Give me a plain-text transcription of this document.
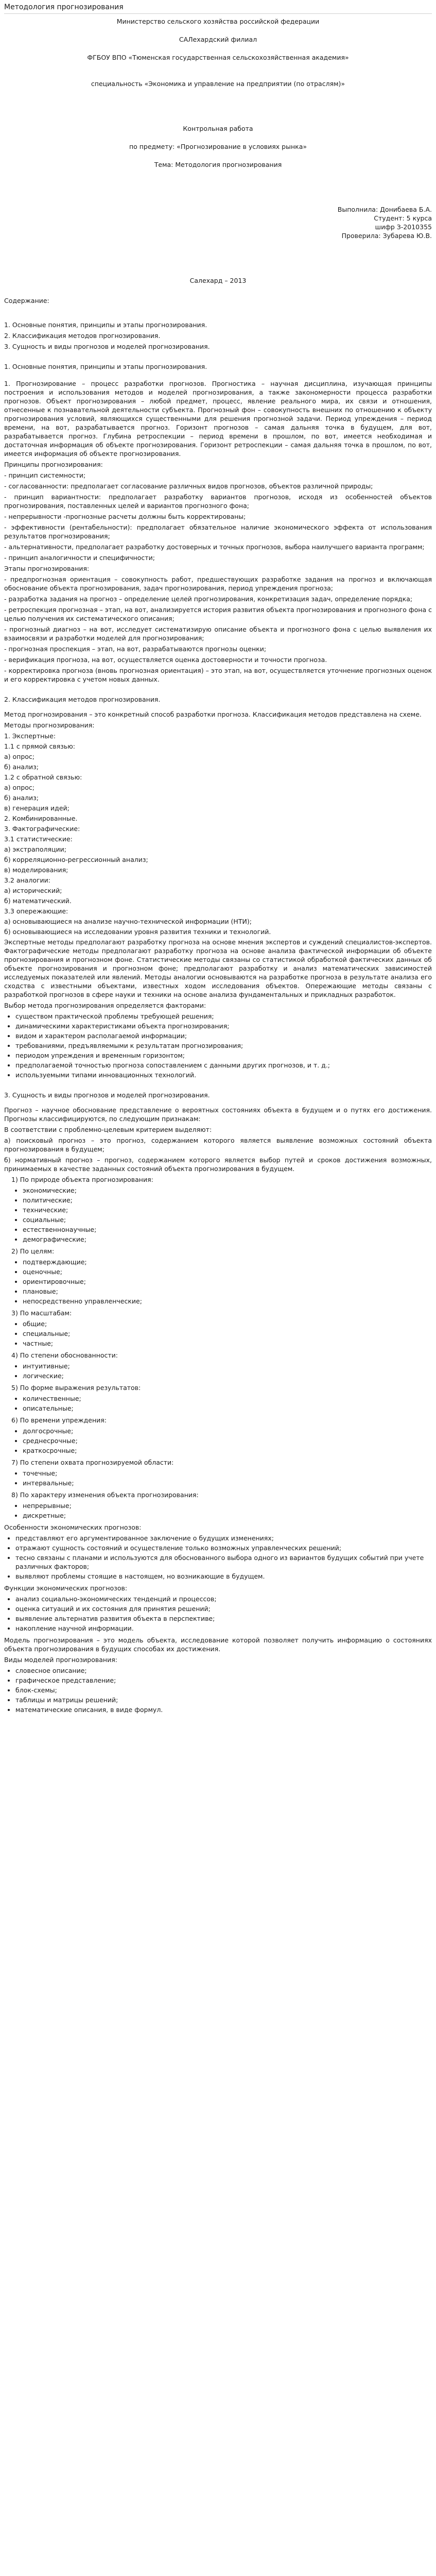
Методология прогнозирования

Министерство сельского хозяйства российской федерации

САЛехардский филиал

ФГБОУ ВПО «Тюменская государственная сельскохозяйственная академия»

специальность «Экономика и управление на предприятии (по отраслям)»

Контрольная работа

по предмету: «Прогнозирование в условиях рынка»

Тема: Методология прогнозирования

Выполнила: Донибаева Б.А.

Студент: 5 курса

шифр З-2010355

Проверила: Зубарева Ю.В.

Салехард – 2013

Содержание:

1. Основные понятия, принципы и этапы прогнозирования.

2. Классификация методов прогнозирования.

3. Сущность и виды прогнозов и моделей прогнозирования.

1. Основные понятия, принципы и этапы прогнозирования.

1. Прогнозирование – процесс разработки прогнозов. Прогностика – научная дисциплина, изучающая принципы построения и использования методов и моделей прогнозирования, а также закономерности процесса разработки прогнозов. Объект прогнозирования – любой предмет, процесс, явление реального мира, их связи и отношения, отнесенные к познавательной деятельности субъекта. Прогнозный фон – совокупность внешних по отношению к объекту прогнозирования условий, являющихся существенными для решения прогнозной задачи. Период упреждения – период времени, на вот, разрабатывается прогноз. Горизонт прогнозов – самая дальняя точка в будущем, для вот, разрабатывается прогноз. Глубина ретроспекции – период времени в прошлом, по вот, имеется необходимая и достаточная информация об объекте прогнозирования. Горизонт ретроспекции – самая дальняя точка в прошлом, по вот, имеется информация об объекте прогнозирования.

Принципы прогнозирования:

- принцип системности;

- согласованности: предполагает согласование различных видов прогнозов, объектов различной природы;

- принцип вариантности: предполагает разработку вариантов прогнозов, исходя из особенностей объектов прогнозирования, поставленных целей и вариантов прогнозного фона;

- непрерывности -прогнозные расчеты должны быть корректированы;

- эффективности (рентабельности): предполагает обязательное наличие экономического эффекта от использования результатов прогнозирования;

- альтернативности, предполагает разработку достоверных и точных прогнозов, выбора наилучшего варианта программ;

- принцип аналогичности и специфичности;

Этапы прогнозирования:

- предпрогнозная ориентация – совокупность работ, предшествующих разработке задания на прогноз и включающая обоснование объекта прогнозирования, задач прогнозирования, период упреждения прогноза;

- разработка задания на прогноз – определение целей прогнозирования, конкретизация задач, определение порядка;

- ретроспекция прогнозная – этап, на вот, анализируется история развития объекта прогнозирования и прогнозного фона с целью получения их систематического описания;

- прогнозный диагноз – на вот, исследует систематизирую описание объекта и прогнозного фона с целью выявления их взаимосвязи и разработки моделей для прогнозирования;

- прогнозная проспекция – этап, на вот, разрабатываются прогнозы оценки;

- верификация прогноза, на вот, осуществляется оценка достоверности и точности прогноза.

- корректировка прогноза (вновь прогнозная ориентация) – это этап, на вот, осуществляется уточнение прогнозных оценок и его корректировка с учетом новых данных.

2. Классификация методов прогнозирования.

Метод прогнозирования – это конкретный способ разработки прогноза. Классификация методов представлена на схеме.

Методы прогнозирования:

1. Экспертные:

1.1 с прямой связью:

а) опрос;

б) анализ;

1.2 с обратной связью:

а) опрос;

б) анализ;

в) генерация идей;

2. Комбинированные.

3. Фактографические:

3.1 статистические:

а) экстраполяции;

б) корреляционно-регрессионный анализ;

в) моделирования;

3.2 аналогии:

а) исторический;

б) математический.

3.3 опережающие:

а) основывающиеся на анализе научно-технической информации (НТИ);

б) основывающиеся на исследовании уровня развития техники и технологий.

Экспертные методы предполагают разработку прогноза на основе мнения экспертов и суждений специалистов-экспертов. Фактографические методы предполагают разработку прогноза на основе анализа фактической информации об объекте прогнозирования и прогнозном фоне. Статистические методы связаны со статистикой обработкой фактических данных об объекте прогнозирования и прогнозном фоне; предполагают разработку и анализ математических зависимостей исследуемых показателей или явлений. Методы аналогии основываются на разработке прогноза в результате анализа его сходства с известными объектами, известных ходом исследования объектов. Опережающие методы связаны с разработкой прогнозов в сфере науки и техники на основе анализа фундаментальных и прикладных разработок.

Выбор метода прогнозирования определяется факторами:

• существом практической проблемы требующей решения;
• динамическими характеристиками объекта прогнозирования;
• видом и характером располагаемой информации;
• требованиями, предъявляемыми к результатам прогнозирования;
• периодом упреждения и временным горизонтом;
• предполагаемой точностью прогноза сопоставлением с данными других прогнозов, и т. д.;
• используемыми типами инновационных технологий.

3. Сущность и виды прогнозов и моделей прогнозирования.

Прогноз – научное обоснование представление о вероятных состояниях объекта в будущем и о путях его достижения. Прогнозы классифицируются, по следующим признакам:

В соответствии с проблемно-целевым критерием выделяют:

а) поисковый прогноз – это прогноз, содержанием которого является выявление возможных состояний объекта прогнозирования в будущем;

б) нормативный прогноз – прогноз, содержанием которого является выбор путей и сроков достижения возможных, принимаемых в качестве заданных состояний объекта прогнозирования в будущем.

1) По природе объекта прогнозирования:

• экономические;
• политические;
• технические;
• социальные;
• естественнонаучные;
• демографические;

2) По целям:

• подтверждающие;
• оценочные;
• ориентировочные;
• плановые;
• непосредственно управленческие;

3) По масштабам:

• общие;
• специальные;
• частные;

4) По степени обоснованности:

• интуитивные;
• логические;

5) По форме выражения результатов:

• количественные;
• описательные;

6) По времени упреждения:

• долгосрочные;
• среднесрочные;
• краткосрочные;

7) По степени охвата прогнозируемой области:

• точечные;
• интервальные;

8) По характеру изменения объекта прогнозирования:

• непрерывные;
• дискретные;

Особенности экономических прогнозов:

• представляют его аргументированное заключение о будущих изменениях;
• отражают сущность состояний и осуществление только возможных управленческих решений;
• тесно связаны с планами и используются для обоснованного выбора одного из вариантов будущих событий при учете различных факторов;
• выявляют проблемы стоящие в настоящем, но возникающие в будущем.

Функции экономических прогнозов:

• анализ социально-экономических тенденций и процессов;
• оценка ситуаций и их состояния для принятия решений;
• выявление альтернатив развития объекта в перспективе;
• накопление научной информации.

Модель прогнозирования – это модель объекта, исследование которой позволяет получить информацию о состояниях объекта прогнозирования в будущих способах их достижения.

Виды моделей прогнозирования:

• словесное описание;
• графическое представление;
• блок-схемы;
• таблицы и матрицы решений;
• математические описания, в виде формул.
